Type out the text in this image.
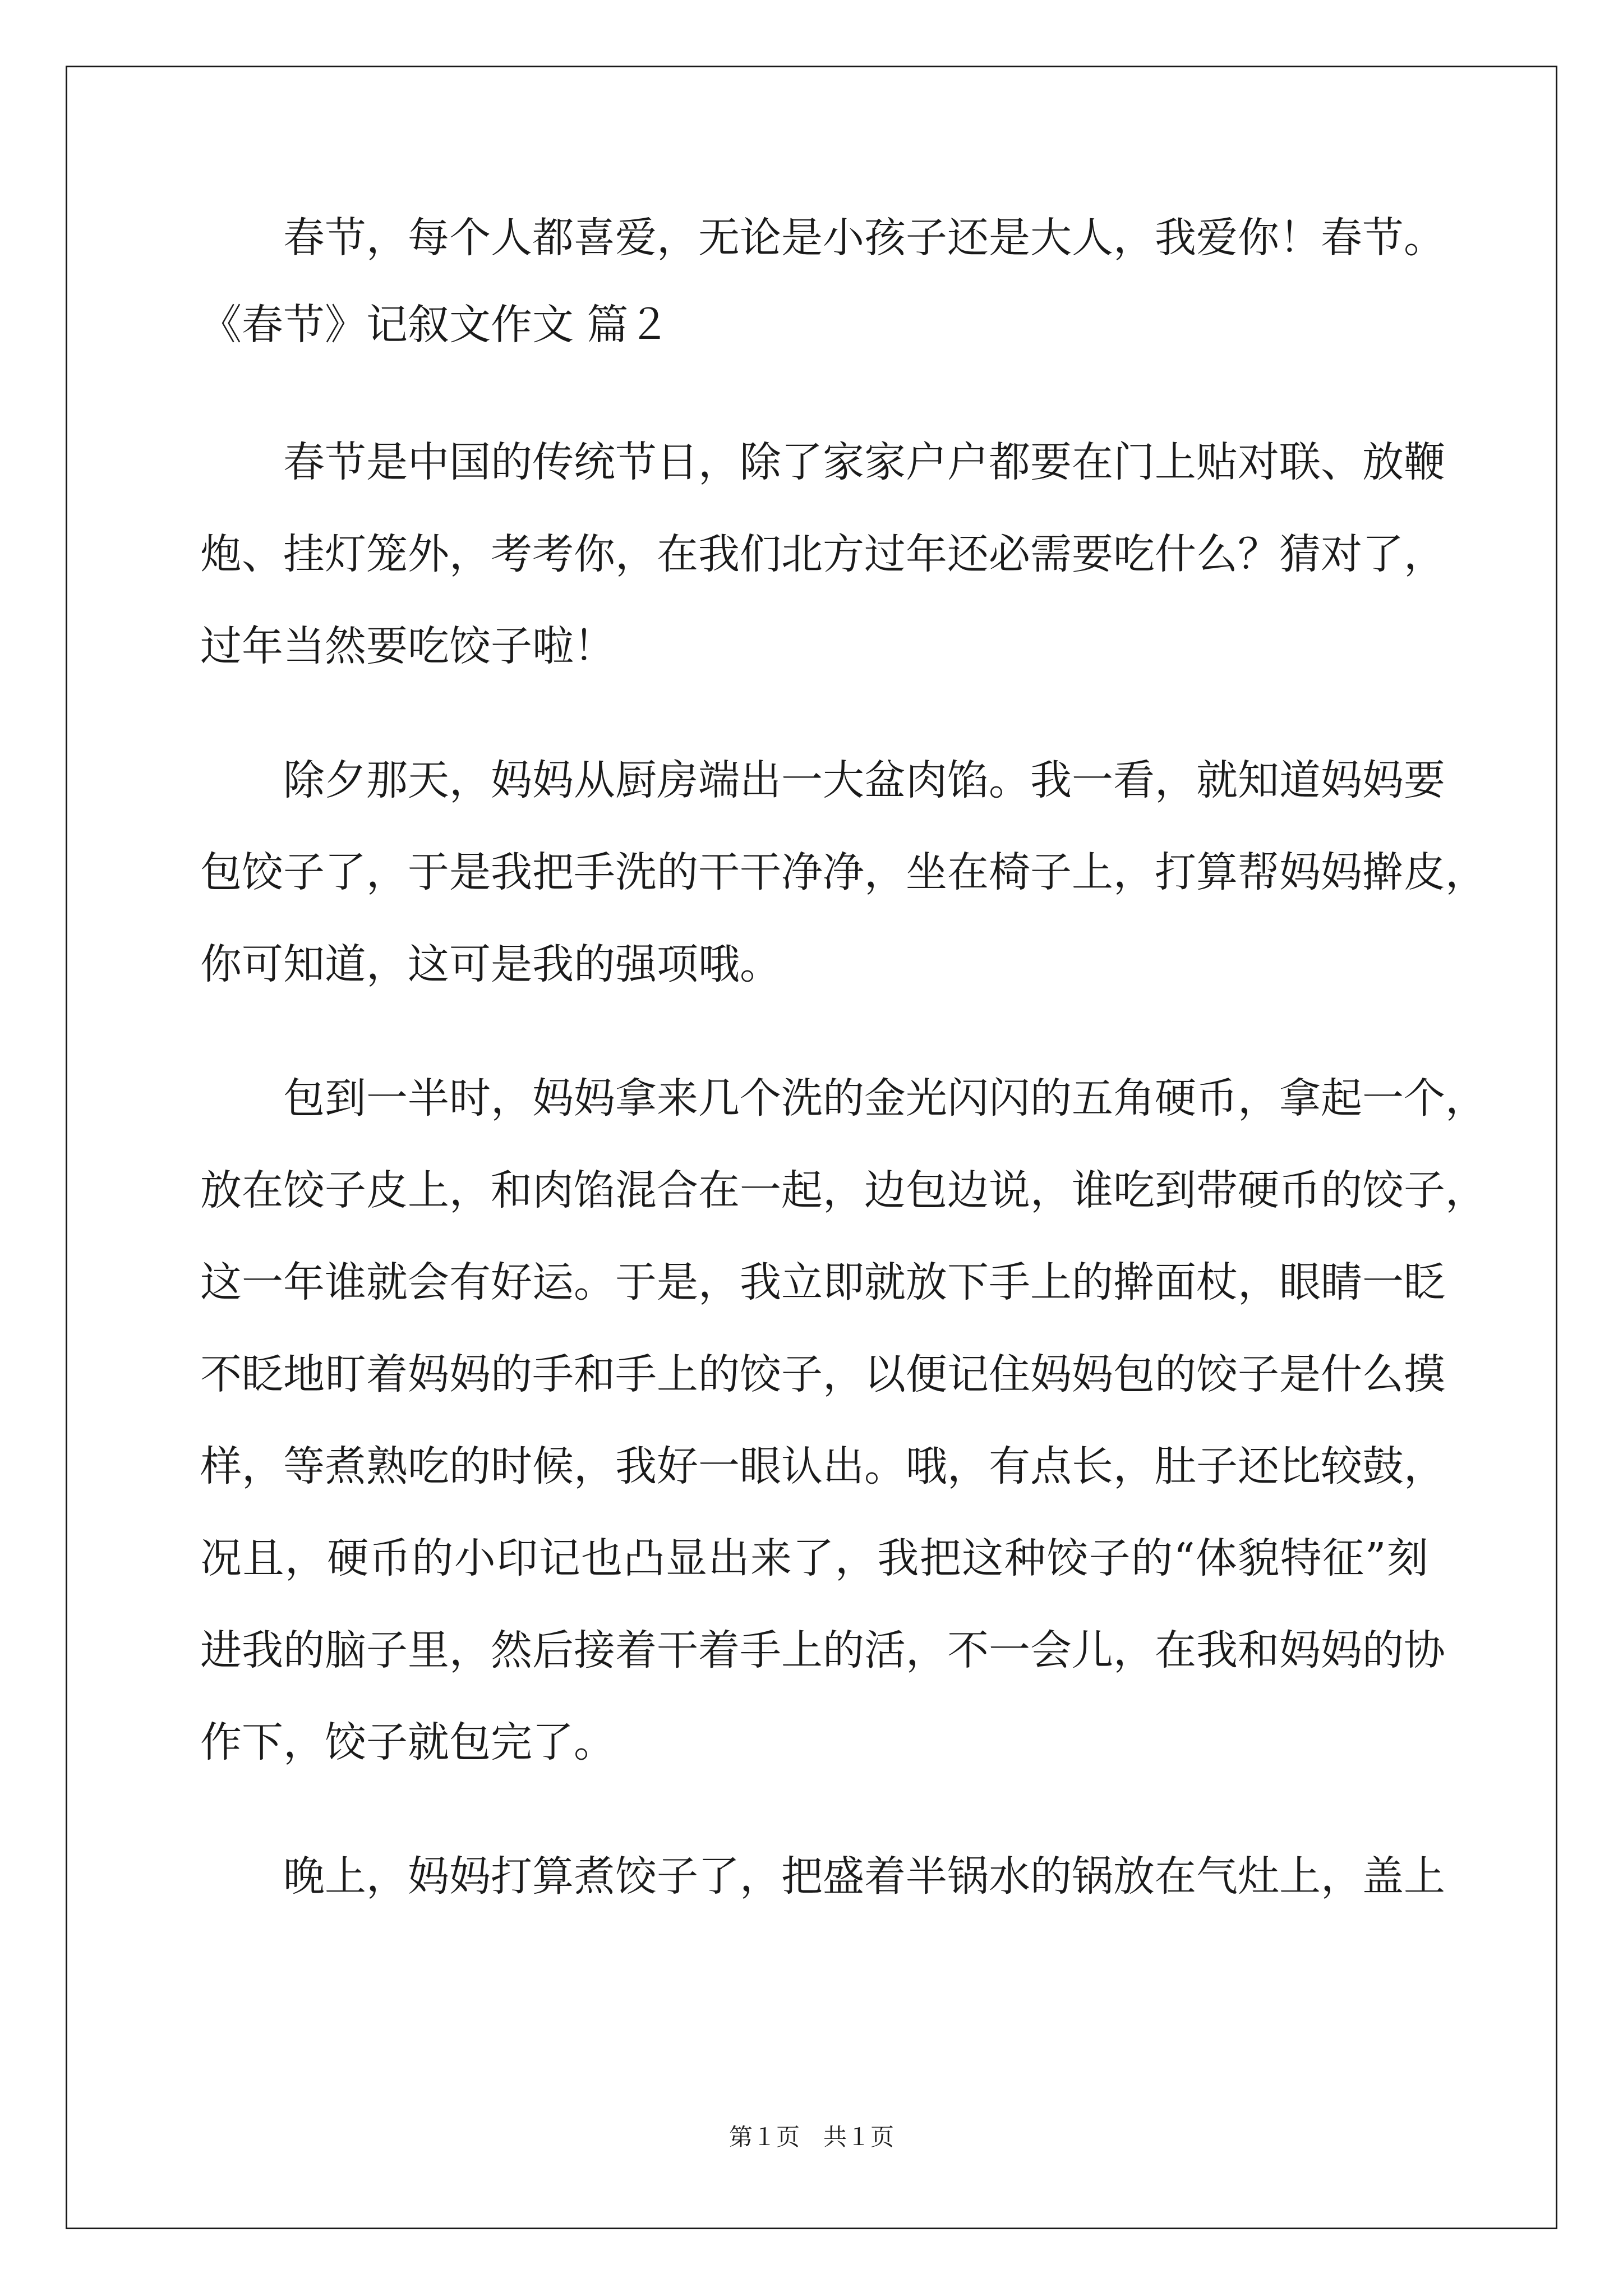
春节，每个人都喜爱，无论是小孩子还是大人，我爱你！春节。
《春节》记叙文作文 篇２
春节是中国的传统节日，除了家家户户都要在门上贴对联、放鞭
炮、挂灯笼外，考考你，在我们北方过年还必需要吃什么？猜对了，
过年当然要吃饺子啦！
除夕那天，妈妈从厨房端出一大盆肉馅。我一看，就知道妈妈要
包饺子了，于是我把手洗的干干净净，坐在椅子上，打算帮妈妈擀皮，
你可知道，这可是我的强项哦。
包到一半时，妈妈拿来几个洗的金光闪闪的五角硬币，拿起一个，
放在饺子皮上，和肉馅混合在一起，边包边说，谁吃到带硬币的饺子，
这一年谁就会有好运。于是，我立即就放下手上的擀面杖，眼睛一眨
不眨地盯着妈妈的手和手上的饺子，以便记住妈妈包的饺子是什么摸
样，等煮熟吃的时候，我好一眼认出。哦，有点长，肚子还比较鼓，
况且，硬币的小印记也凸显出来了，我把这种饺子的“体貌特征”刻
进我的脑子里，然后接着干着手上的活，不一会儿，在我和妈妈的协
作下，饺子就包完了。
晚上，妈妈打算煮饺子了，把盛着半锅水的锅放在气灶上，盖上
第１页　共１页
